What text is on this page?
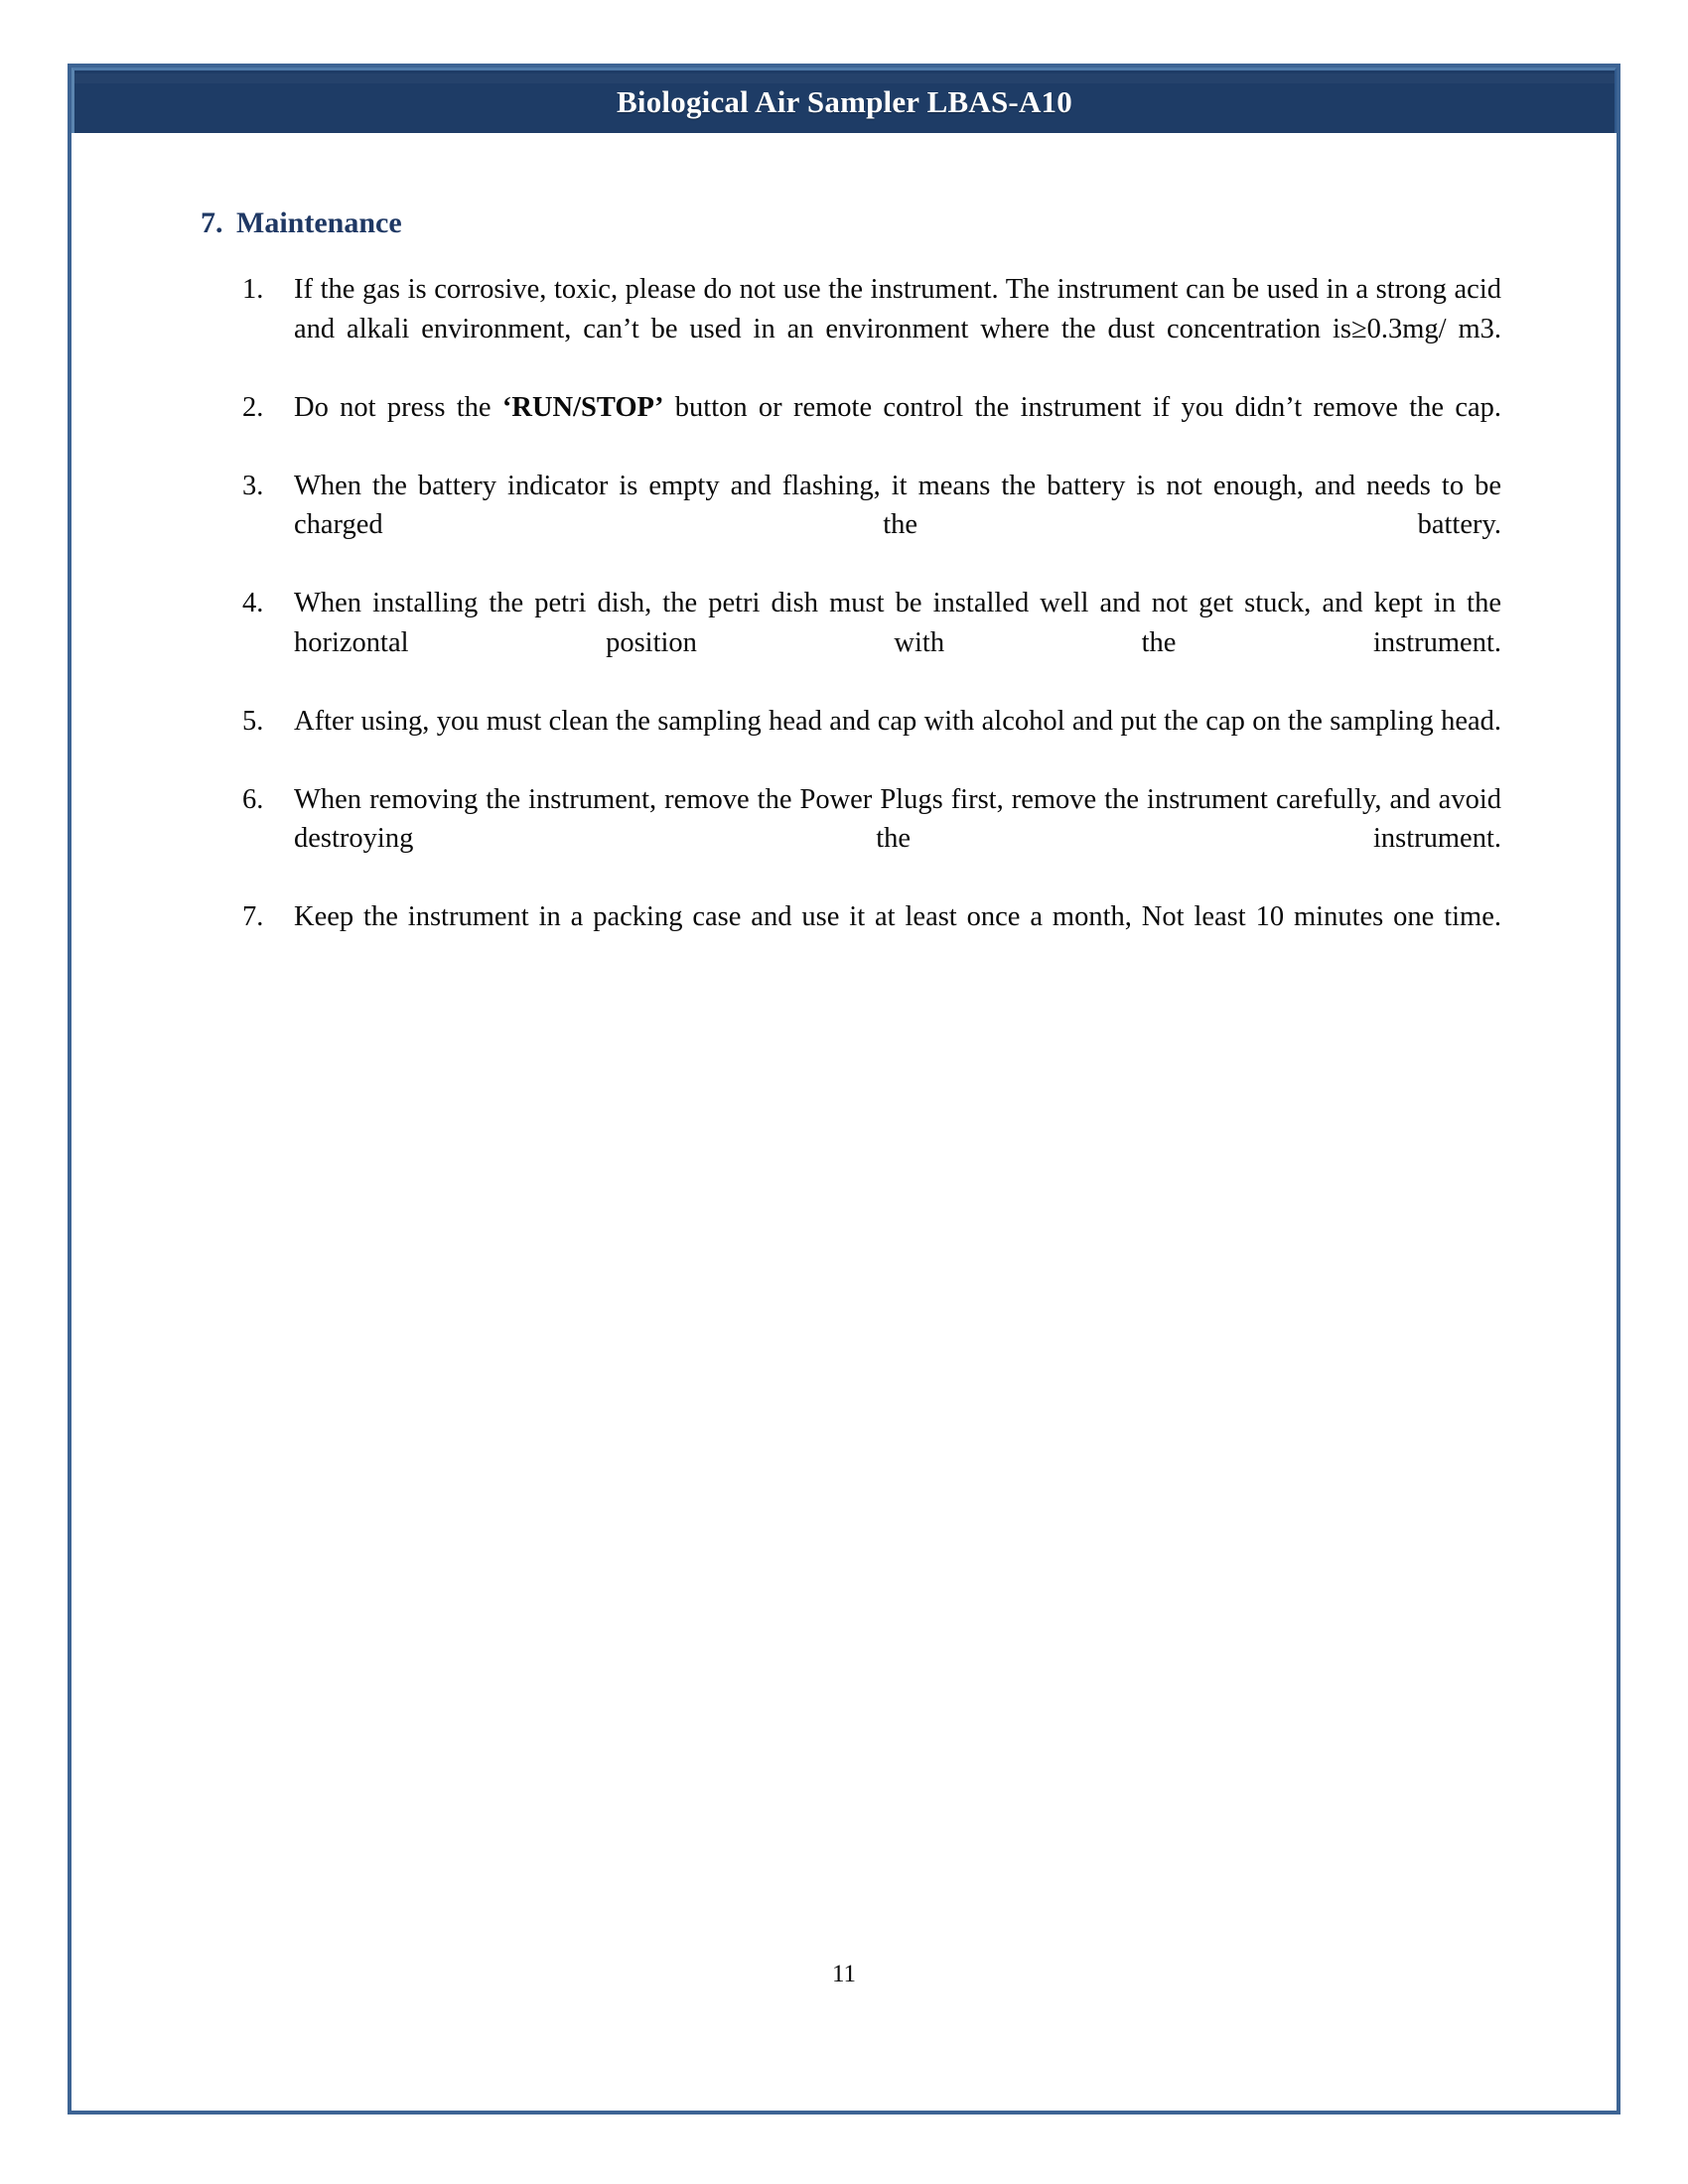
Biological Air Sampler LBAS-A10
7. Maintenance
1.	If the gas is corrosive, toxic, please do not use the instrument. The instrument can be used in a strong acid and alkali environment, can’t be used in an environment where the dust concentration is≥0.3mg/ m3.
2.	Do not press the ‘RUN/STOP’ button or remote control the instrument if you didn’t remove the cap.
3.	When the battery indicator is empty and flashing, it means the battery is not enough, and needs to be charged the battery.
4.	When installing the petri dish, the petri dish must be installed well and not get stuck, and kept in the horizontal position with the instrument.
5.	After using, you must clean the sampling head and cap with alcohol and put the cap on the sampling head.
6.	When removing the instrument, remove the Power Plugs first, remove the instrument carefully, and avoid destroying the instrument.
7.	Keep the instrument in a packing case and use it at least once a month, Not least 10 minutes one time.
11
